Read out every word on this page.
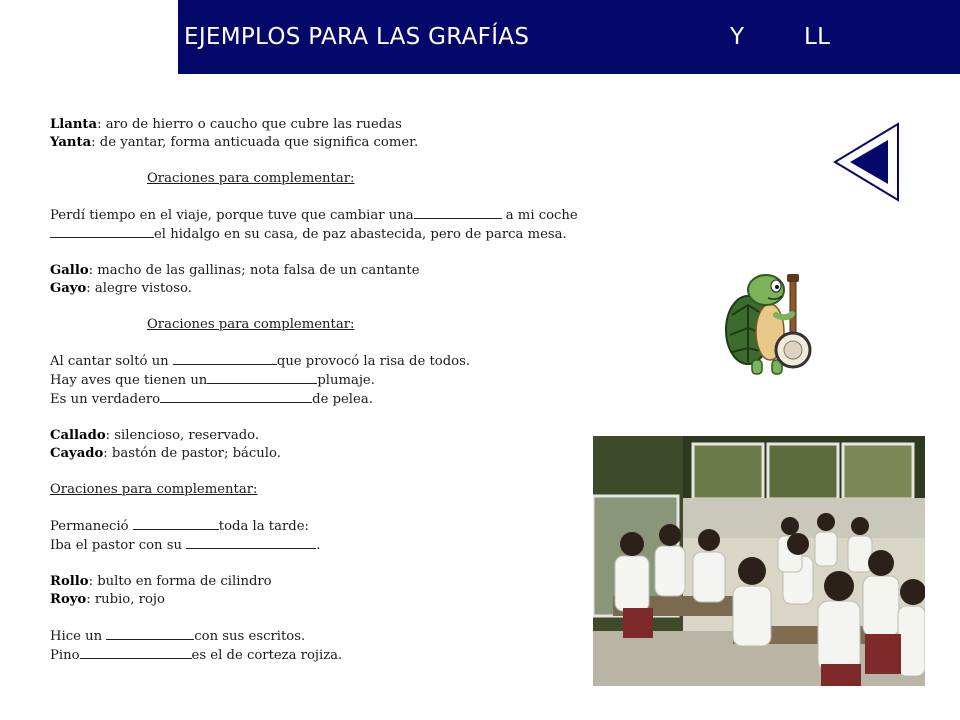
EJEMPLOS PARA LAS GRAFÍAS	Y	LL

Llanta: aro de hierro o caucho que cubre las ruedas

Yanta: de yantar, forma anticuada que significa comer.

Oraciones para complementar:

Perdí tiempo en el viaje, porque tuve que cambiar una	a mi coche

el hidalgo en su casa, de paz abastecida, pero de parca mesa.

Gallo: macho de las gallinas; nota falsa de un cantante

Gayo: alegre vistoso.

Oraciones para complementar:

Al cantar soltó un	que provocó la risa de todos.

Hay aves que tienen un	plumaje.

Es un verdadero	de pelea.

Callado: silencioso, reservado.

Cayado: bastón de pastor; báculo.

Oraciones para complementar:

Permaneció	toda la tarde:

Iba el pastor con su	.

Rollo: bulto en forma de cilindro

Royo: rubio, rojo

Hice un	con sus escritos.

Pino	es el de corteza rojiza.
